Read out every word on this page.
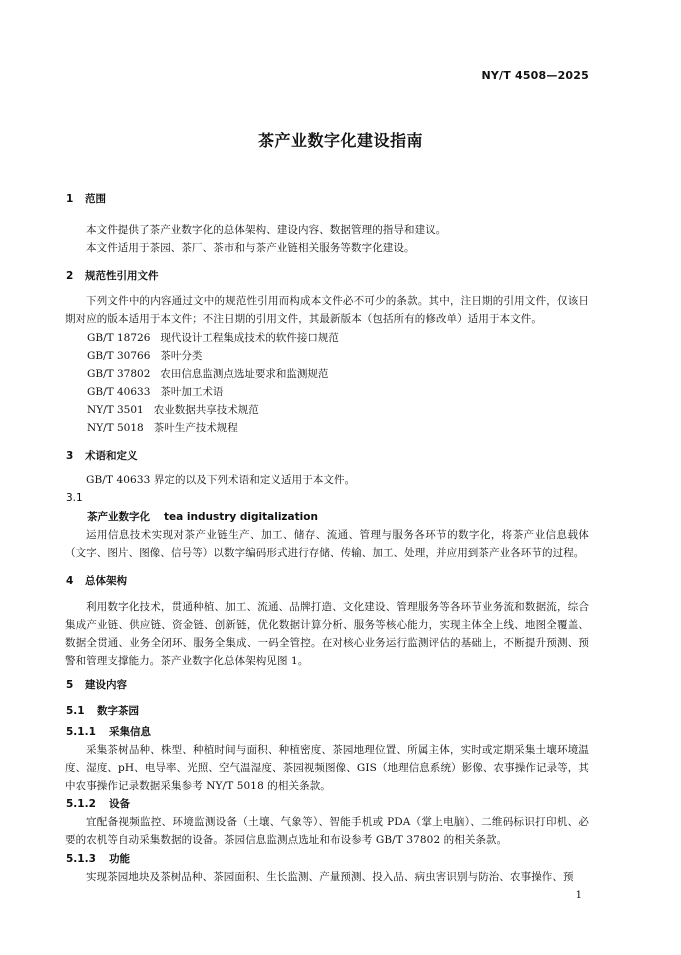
NY/T 4508—2025
茶产业数字化建设指南
1	范围
本文件提供了茶产业数字化的总体架构、建设内容、数据管理的指导和建议。
本文件适用于茶园、茶厂、茶市和与茶产业链相关服务等数字化建设。
2	规范性引用文件
下列文件中的内容通过文中的规范性引用而构成本文件必不可少的条款。其中，注日期的引用文件，仅该日期对应的版本适用于本文件；不注日期的引用文件，其最新版本（包括所有的修改单）适用于本文件。
GB/T 18726 现代设计工程集成技术的软件接口规范
GB/T 30766 茶叶分类
GB/T 37802 农田信息监测点选址要求和监测规范
GB/T 40633 茶叶加工术语
NY/T 3501 农业数据共享技术规范
NY/T 5018 茶叶生产技术规程
3	术语和定义
GB/T 40633 界定的以及下列术语和定义适用于本文件。
3.1
茶产业数字化 tea industry digitalization
运用信息技术实现对茶产业链生产、加工、储存、流通、管理与服务各环节的数字化，将茶产业信息载体（文字、图片、图像、信号等）以数字编码形式进行存储、传输、加工、处理，并应用到茶产业各环节的过程。
4	总体架构
利用数字化技术，贯通种植、加工、流通、品牌打造、文化建设、管理服务等各环节业务流和数据流，综合集成产业链、供应链、资金链、创新链，优化数据计算分析、服务等核心能力，实现主体全上线、地图全覆盖、数据全贯通、业务全闭环、服务全集成、一码全管控。在对核心业务运行监测评估的基础上，不断提升预测、预警和管理支撑能力。茶产业数字化总体架构见图 1。
5	建设内容
5.1	数字茶园
5.1.1	采集信息
采集茶树品种、株型、种植时间与面积、种植密度、茶园地理位置、所属主体，实时或定期采集土壤环境温度、湿度、pH、电导率、光照、空气温湿度、茶园视频图像、GIS（地理信息系统）影像、农事操作记录等，其中农事操作记录数据采集参考 NY/T 5018 的相关条款。
5.1.2	设备
宜配备视频监控、环境监测设备（土壤、气象等）、智能手机或 PDA（掌上电脑）、二维码标识打印机、必要的农机等自动采集数据的设备。茶园信息监测点选址和布设参考 GB/T 37802 的相关条款。
5.1.3	功能
实现茶园地块及茶树品种、茶园面积、生长监测、产量预测、投入品、病虫害识别与防治、农事操作、预
1
